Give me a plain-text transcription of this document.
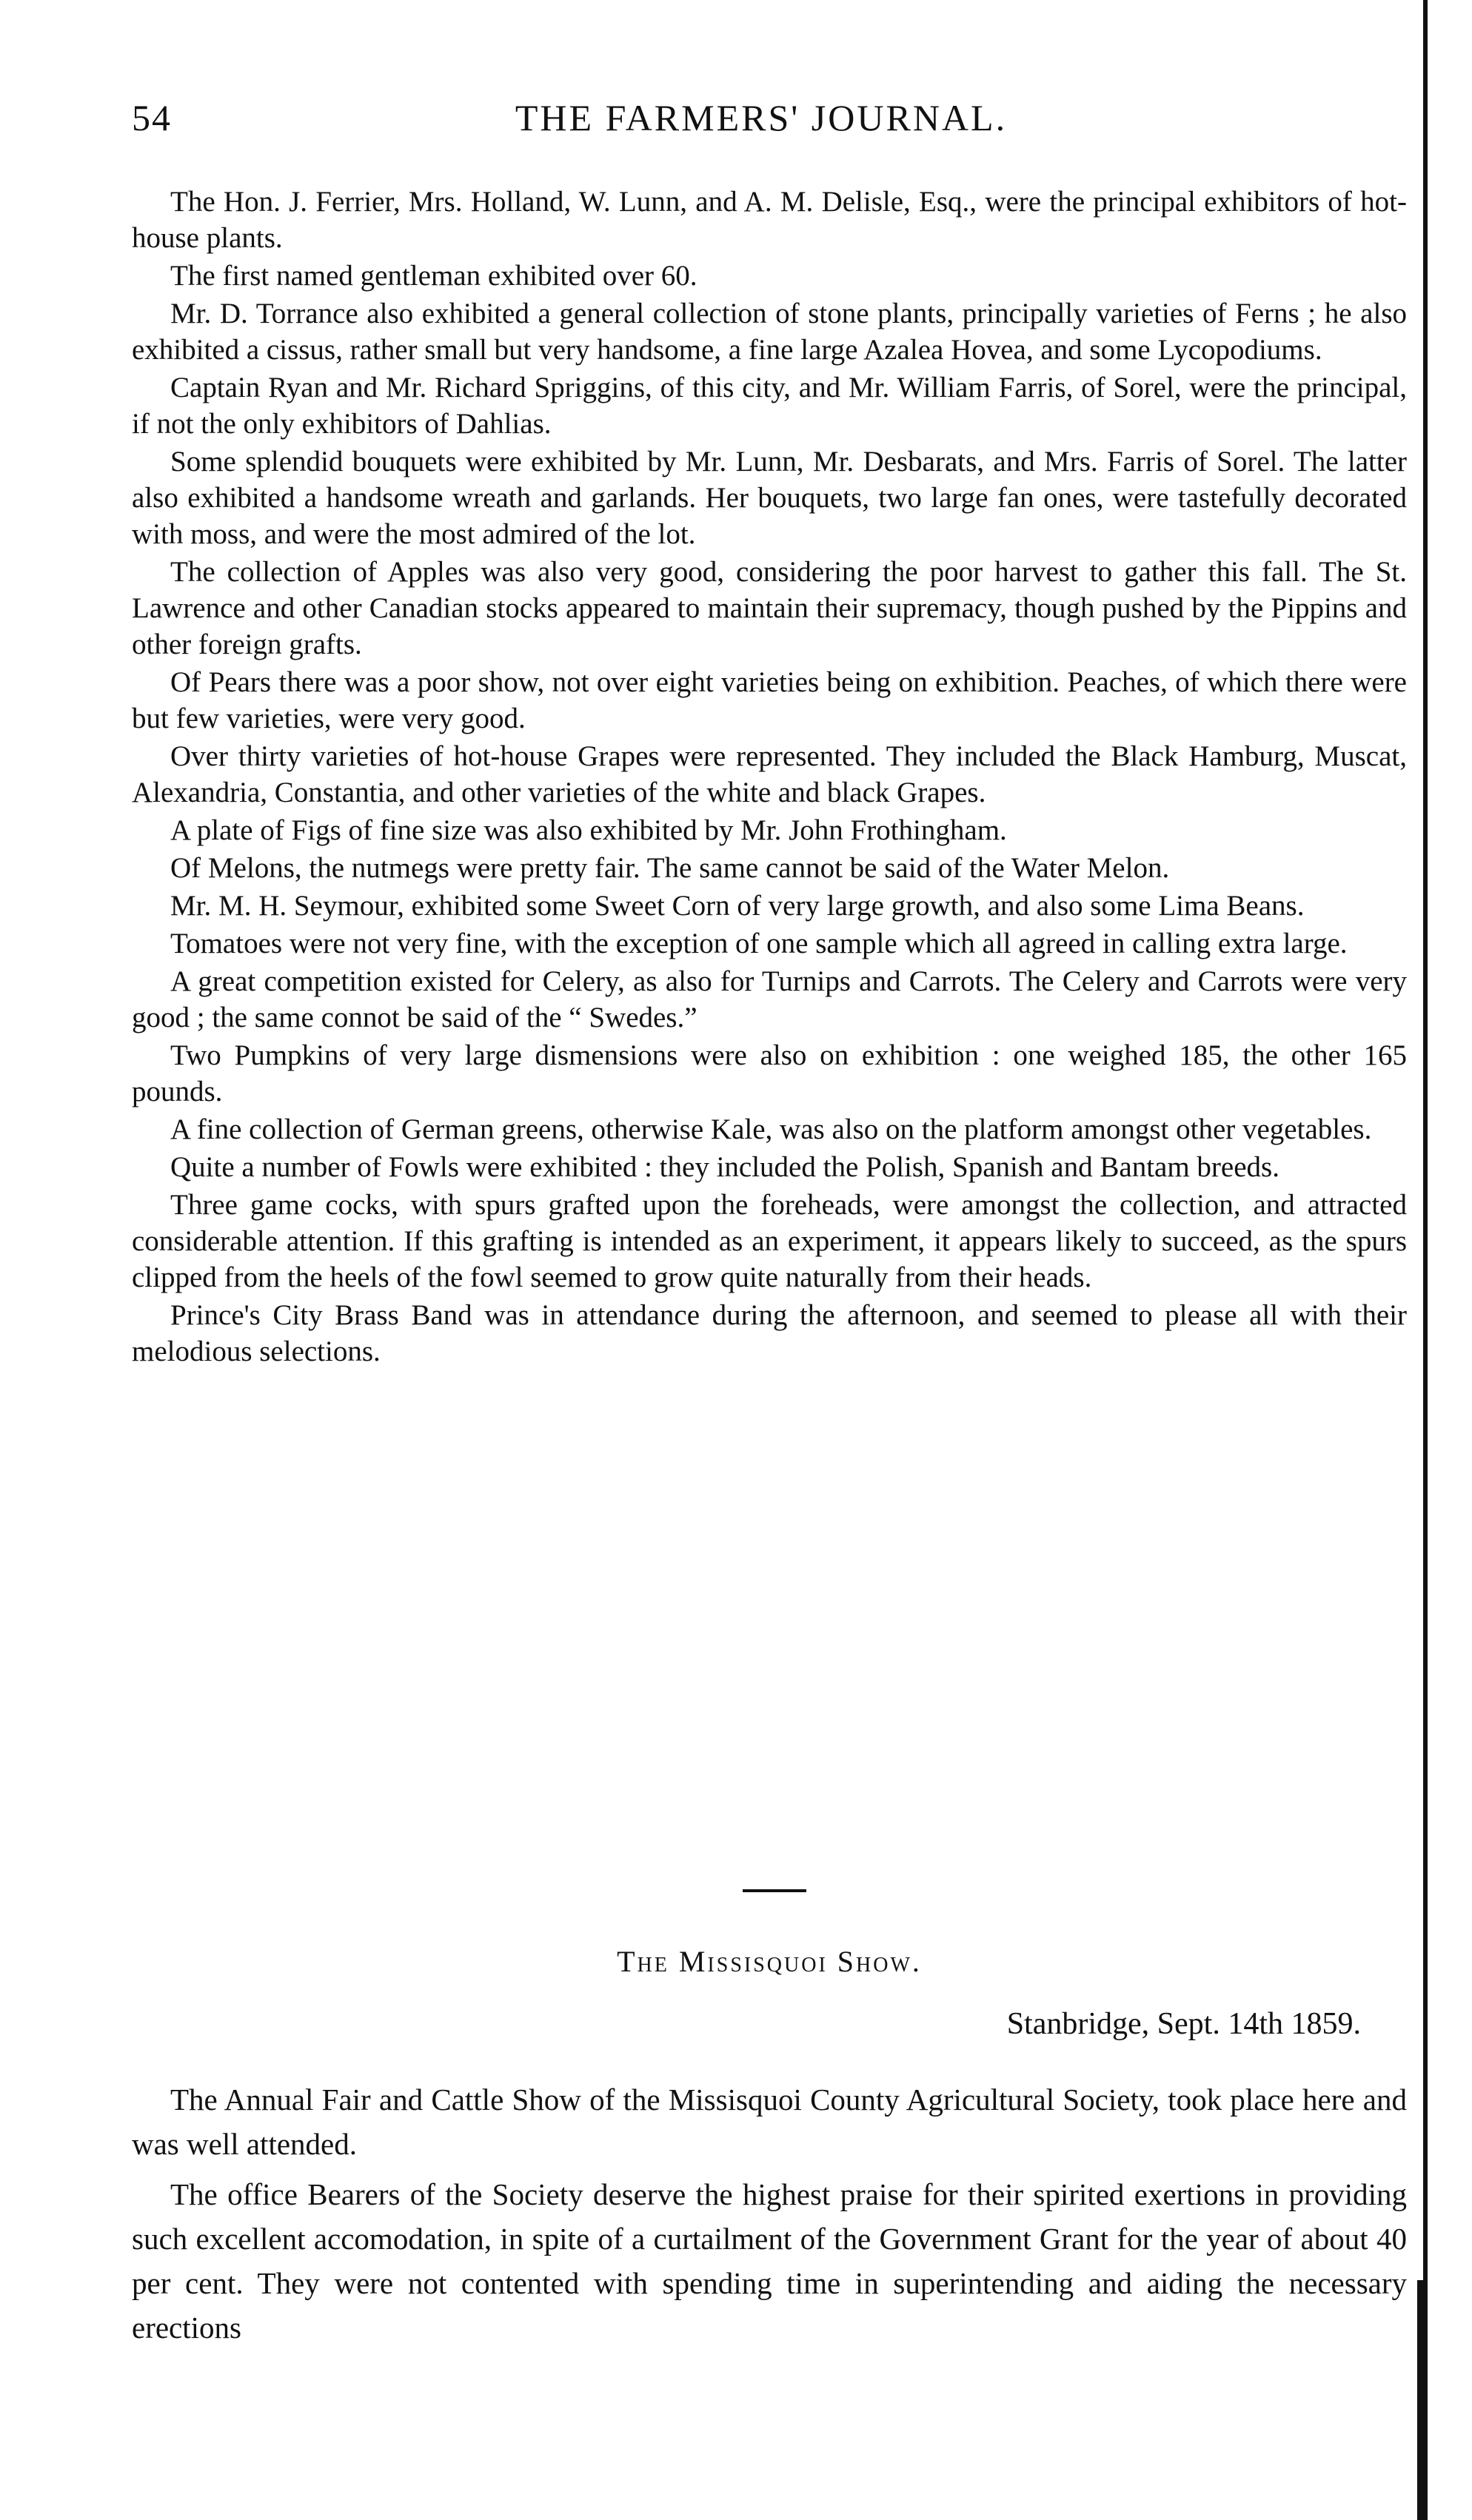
54	THE FARMERS' JOURNAL.

The Hon. J. Ferrier, Mrs. Holland, W. Lunn, and A. M. Delisle, Esq., were the principal exhibitors of hot-house plants.

The first named gentleman exhibited over 60.

Mr. D. Torrance also exhibited a general collection of stone plants, principally varieties of Ferns ; he also exhibited a cissus, rather small but very handsome, a fine large Azalea Hovea, and some Lycopodiums.

Captain Ryan and Mr. Richard Spriggins, of this city, and Mr. William Farris, of Sorel, were the principal, if not the only exhibitors of Dahlias.

Some splendid bouquets were exhibited by Mr. Lunn, Mr. Desbarats, and Mrs. Farris of Sorel. The latter also exhibited a handsome wreath and garlands. Her bouquets, two large fan ones, were tastefully decorated with moss, and were the most admired of the lot.

The collection of Apples was also very good, considering the poor harvest to gather this fall. The St. Lawrence and other Canadian stocks appeared to maintain their supremacy, though pushed by the Pippins and other foreign grafts.

Of Pears there was a poor show, not over eight varieties being on exhibition. Peaches, of which there were but few varieties, were very good.

Over thirty varieties of hot-house Grapes were represented. They included the Black Hamburg, Muscat, Alexandria, Constantia, and other varieties of the white and black Grapes.

A plate of Figs of fine size was also exhibited by Mr. John Frothingham.

Of Melons, the nutmegs were pretty fair. The same cannot be said of the Water Melon.

Mr. M. H. Seymour, exhibited some Sweet Corn of very large growth, and also some Lima Beans.

Tomatoes were not very fine, with the exception of one sample which all agreed in calling extra large.

A great competition existed for Celery, as also for Turnips and Carrots. The Celery and Carrots were very good ; the same connot be said of the “ Swedes.”

Two Pumpkins of very large dismensions were also on exhibition : one weighed 185, the other 165 pounds.

A fine collection of German greens, otherwise Kale, was also on the platform amongst other vegetables.

Quite a number of Fowls were exhibited : they included the Polish, Spanish and Bantam breeds.

Three game cocks, with spurs grafted upon the foreheads, were amongst the collection, and attracted considerable attention. If this grafting is intended as an experiment, it appears likely to succeed, as the spurs clipped from the heels of the fowl seemed to grow quite naturally from their heads.

Prince's City Brass Band was in attendance during the afternoon, and seemed to please all with their melodious selections.

The Missisquoi Show.
Stanbridge, Sept. 14th 1859.

The Annual Fair and Cattle Show of the Missisquoi County Agricultural Society, took place here and was well attended.

The office Bearers of the Society deserve the highest praise for their spirited exertions in providing such excellent accomodation, in spite of a curtailment of the Government Grant for the year of about 40 per cent. They were not contented with spending time in superintending and aiding the necessary erections
